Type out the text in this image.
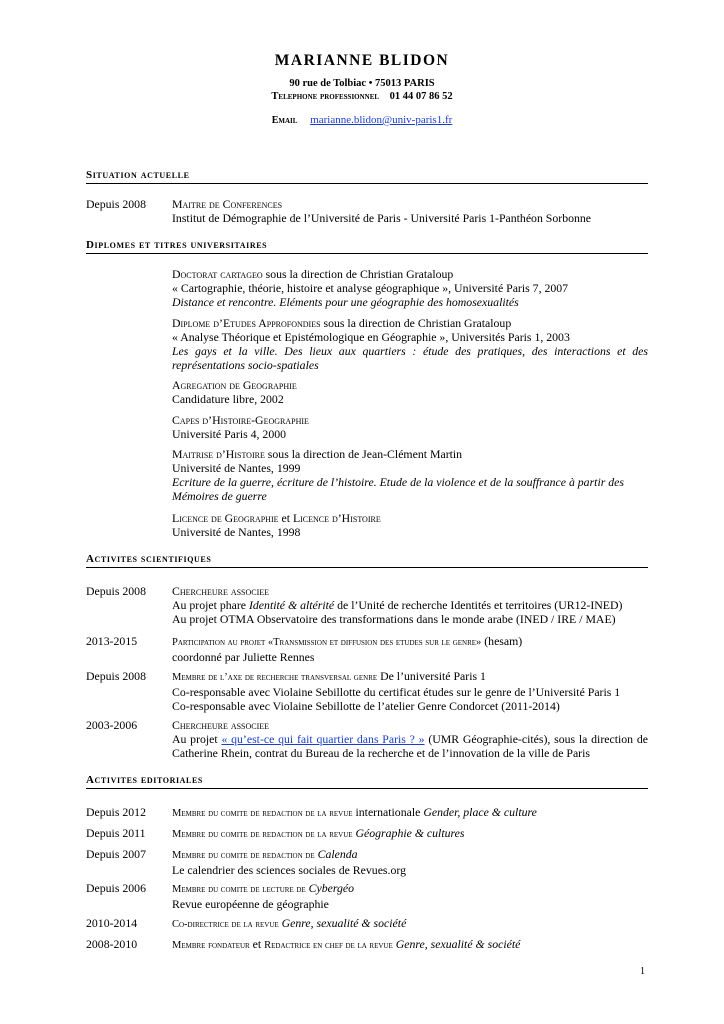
MARIANNE BLIDON
90 rue de Tolbiac • 75013 PARIS
Telephone professionnel 01 44 07 86 52
Email marianne.blidon@univ-paris1.fr
Situation actuelle
Depuis 2008	Maitre de Conferences
Institut de Démographie de l’Université de Paris - Université Paris 1-Panthéon Sorbonne
Diplomes et titres universitaires
Doctorat cartageo sous la direction de Christian Grataloup
« Cartographie, théorie, histoire et analyse géographique », Université Paris 7, 2007
Distance et rencontre. Eléments pour une géographie des homosexualités
Diplome d’Etudes Approfondies sous la direction de Christian Grataloup
« Analyse Théorique et Epistémologique en Géographie », Universités Paris 1, 2003
Les gays et la ville. Des lieux aux quartiers : étude des pratiques, des interactions et des représentations socio-spatiales
Agregation de Geographie
Candidature libre, 2002
Capes d’Histoire-Geographie
Université Paris 4, 2000
Maitrise d’Histoire sous la direction de Jean-Clément Martin
Université de Nantes, 1999
Ecriture de la guerre, écriture de l’histoire. Etude de la violence et de la souffrance à partir des Mémoires de guerre
Licence de Geographie et Licence d’Histoire
Université de Nantes, 1998
Activites scientifiques
Depuis 2008	Chercheure associee
Au projet phare Identité & altérité de l’Unité de recherche Identités et territoires (UR12-INED)
Au projet OTMA Observatoire des transformations dans le monde arabe (INED / IRE / MAE)
2013-2015	Participation au projet «Transmission et diffusion des etudes sur le genre» (hesam)
coordonné par Juliette Rennes
Depuis 2008	Membre de l’axe de recherche transversal genre De l’université Paris 1
Co-responsable avec Violaine Sebillotte du certificat études sur le genre de l’Université Paris 1
Co-responsable avec Violaine Sebillotte de l’atelier Genre Condorcet (2011-2014)
2003-2006	Chercheure associee
Au projet « qu’est-ce qui fait quartier dans Paris ? » (UMR Géographie-cités), sous la direction de Catherine Rhein, contrat du Bureau de la recherche et de l’innovation de la ville de Paris
Activites editoriales
Depuis 2012	Membre du comite de redaction de la revue internationale Gender, place & culture
Depuis 2011	Membre du comite de redaction de la revue Géographie & cultures
Depuis 2007	Membre du comite de redaction de Calenda
Le calendrier des sciences sociales de Revues.org
Depuis 2006	Membre du comite de lecture de Cybergéo
Revue européenne de géographie
2010-2014	Co-directrice de la revue Genre, sexualité & société
2008-2010	Membre fondateur et Redactrice en chef de la revue Genre, sexualité & société
1
